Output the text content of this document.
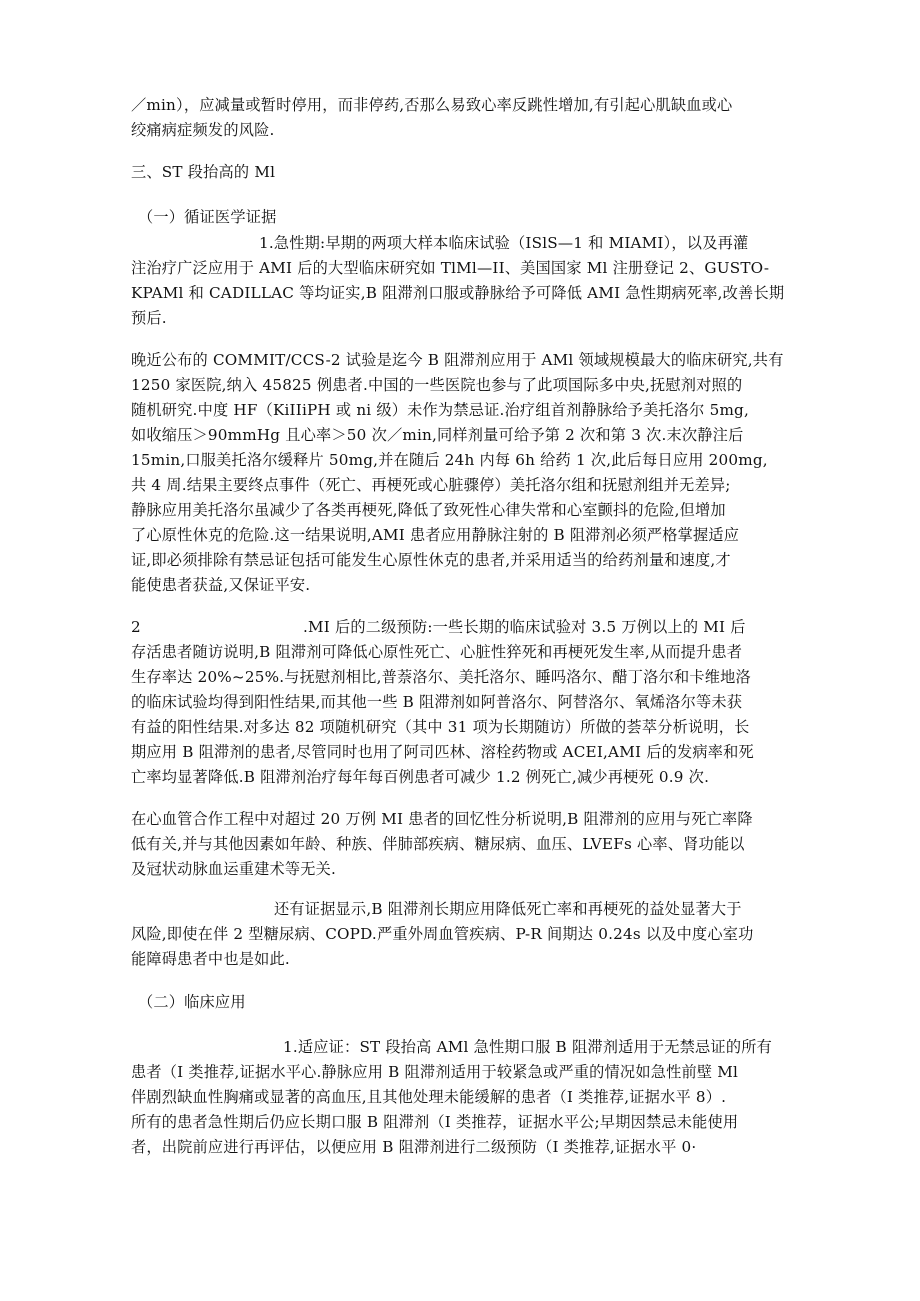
／min），应减量或暂时停用，而非停药,否那么易致心率反跳性增加,有引起心肌缺血或心
绞痛病症频发的风险.
三、ST 段抬高的 Ml
（一）循证医学证据
1.急性期:早期的两项大样本临床试验（ISlS—1 和 MIAMI），以及再灌
注治疗广泛应用于 AMI 后的大型临床研究如 TlMl—II、美国国家 Ml 注册登记 2、GUSTO-
KPAMl 和 CADILLAC 等均证实,B 阻滞剂口服或静脉给予可降低 AMI 急性期病死率,改善长期
预后.
晚近公布的 COMMIT/CCS-2 试验是迄今 B 阻滞剂应用于 AMl 领域规模最大的临床研究,共有
1250 家医院,纳入 45825 例患者.中国的一些医院也参与了此项国际多中央,抚慰剂对照的
随机研究.中度 HF（KiIIiPH 或 ni 级）未作为禁忌证.治疗组首剂静脉给予美托洛尔 5mg,
如收缩压＞90mmHg 且心率＞50 次／min,同样剂量可给予第 2 次和第 3 次.末次静注后
15min,口服美托洛尔缓释片 50mg,并在随后 24h 内每 6h 给药 1 次,此后每日应用 200mg,
共 4 周.结果主要终点事件（死亡、再梗死或心脏骤停）美托洛尔组和抚慰剂组并无差异;
静脉应用美托洛尔虽减少了各类再梗死,降低了致死性心律失常和心室颤抖的危险,但增加
了心原性休克的危险.这一结果说明,AMI 患者应用静脉注射的 B 阻滞剂必须严格掌握适应
证,即必须排除有禁忌证包括可能发生心原性休克的患者,并采用适当的给药剂量和速度,才
能使患者获益,又保证平安.
2	.MI 后的二级预防:一些长期的临床试验对 3.5 万例以上的 MI 后
存活患者随访说明,B 阻滞剂可降低心原性死亡、心脏性猝死和再梗死发生率,从而提升患者
生存率达 20%~25%.与抚慰剂相比,普萘洛尔、美托洛尔、睡吗洛尔、醋丁洛尔和卡维地洛
的临床试验均得到阳性结果,而其他一些 B 阻滞剂如阿普洛尔、阿替洛尔、氧烯洛尔等未获
有益的阳性结果.对多达 82 项随机研究（其中 31 项为长期随访）所做的荟萃分析说明，长
期应用 B 阻滞剂的患者,尽管同时也用了阿司匹林、溶栓药物或 ACEI,AMI 后的发病率和死
亡率均显著降低.B 阻滞剂治疗每年每百例患者可减少 1.2 例死亡,减少再梗死 0.9 次.
在心血管合作工程中对超过 20 万例 MI 患者的回忆性分析说明,B 阻滞剂的应用与死亡率降
低有关,并与其他因素如年龄、种族、伴肺部疾病、糖尿病、血压、LVEFs 心率、肾功能以
及冠状动脉血运重建术等无关.
还有证据显示,B 阻滞剂长期应用降低死亡率和再梗死的益处显著大于
风险,即使在伴 2 型糖尿病、COPD.严重外周血管疾病、P-R 间期达 0.24s 以及中度心室功
能障碍患者中也是如此.
（二）临床应用
1.适应证：ST 段抬高 AMl 急性期口服 B 阻滞剂适用于无禁忌证的所有
患者（I 类推荐,证据水平心.静脉应用 B 阻滞剂适用于较紧急或严重的情况如急性前壁 Ml
伴剧烈缺血性胸痛或显著的高血压,且其他处理未能缓解的患者（I 类推荐,证据水平 8）.
所有的患者急性期后仍应长期口服 B 阻滞剂（I 类推荐，证据水平公;早期因禁忌未能使用
者，出院前应进行再评估，以便应用 B 阻滞剂进行二级预防（I 类推荐,证据水平 0·
